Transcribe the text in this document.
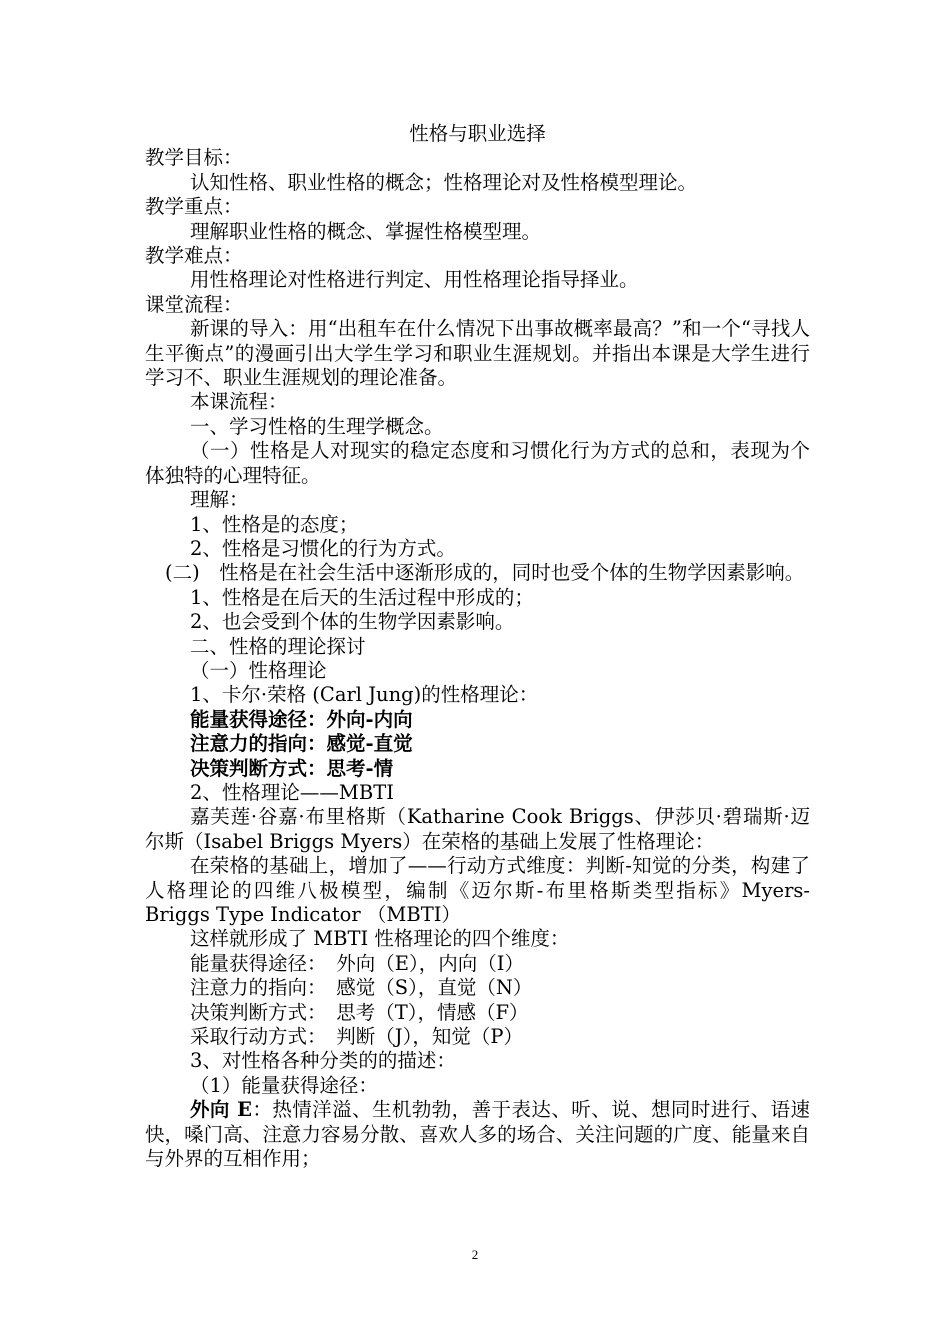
性格与职业选择

教学目标：

认知性格、职业性格的概念；性格理论对及性格模型理论。

教学重点：

理解职业性格的概念、掌握性格模型理。

教学难点：

用性格理论对性格进行判定、用性格理论指导择业。

课堂流程：

新课的导入：用“出租车在什么情况下出事故概率最高？”和一个“寻找人生平衡点”的漫画引出大学生学习和职业生涯规划。并指出本课是大学生进行学习不、职业生涯规划的理论准备。

本课流程：

一、学习性格的生理学概念。

（一）性格是人对现实的稳定态度和习惯化行为方式的总和，表现为个体独特的心理特征。

理解：

1、性格是的态度；

2、性格是习惯化的行为方式。

(二)　性格是在社会生活中逐渐形成的，同时也受个体的生物学因素影响。

1、性格是在后天的生活过程中形成的；

2、也会受到个体的生物学因素影响。

二、性格的理论探讨

（一）性格理论

1、卡尔·荣格 (Carl Jung)的性格理论：

能量获得途径：外向-内向

注意力的指向：感觉-直觉

决策判断方式：思考-情

2、性格理论——MBTI

嘉芙莲·谷嘉·布里格斯（Katharine Cook Briggs、伊莎贝·碧瑞斯·迈尔斯（Isabel Briggs Myers）在荣格的基础上发展了性格理论：

在荣格的基础上，增加了——行动方式维度：判断-知觉的分类，构建了人格理论的四维八极模型，编制《迈尔斯-布里格斯类型指标》Myers-Briggs Type Indicator （MBTI）

这样就形成了 MBTI 性格理论的四个维度：

能量获得途径：　外向（E），内向（I）

注意力的指向：　感觉（S），直觉（N）

决策判断方式：　思考（T），情感（F）

采取行动方式：　判断（J），知觉（P）

3、对性格各种分类的的描述：

（1）能量获得途径：

外向 E：热情洋溢、生机勃勃，善于表达、听、说、想同时进行、语速快，嗓门高、注意力容易分散、喜欢人多的场合、关注问题的广度、能量来自与外界的互相作用；

2
